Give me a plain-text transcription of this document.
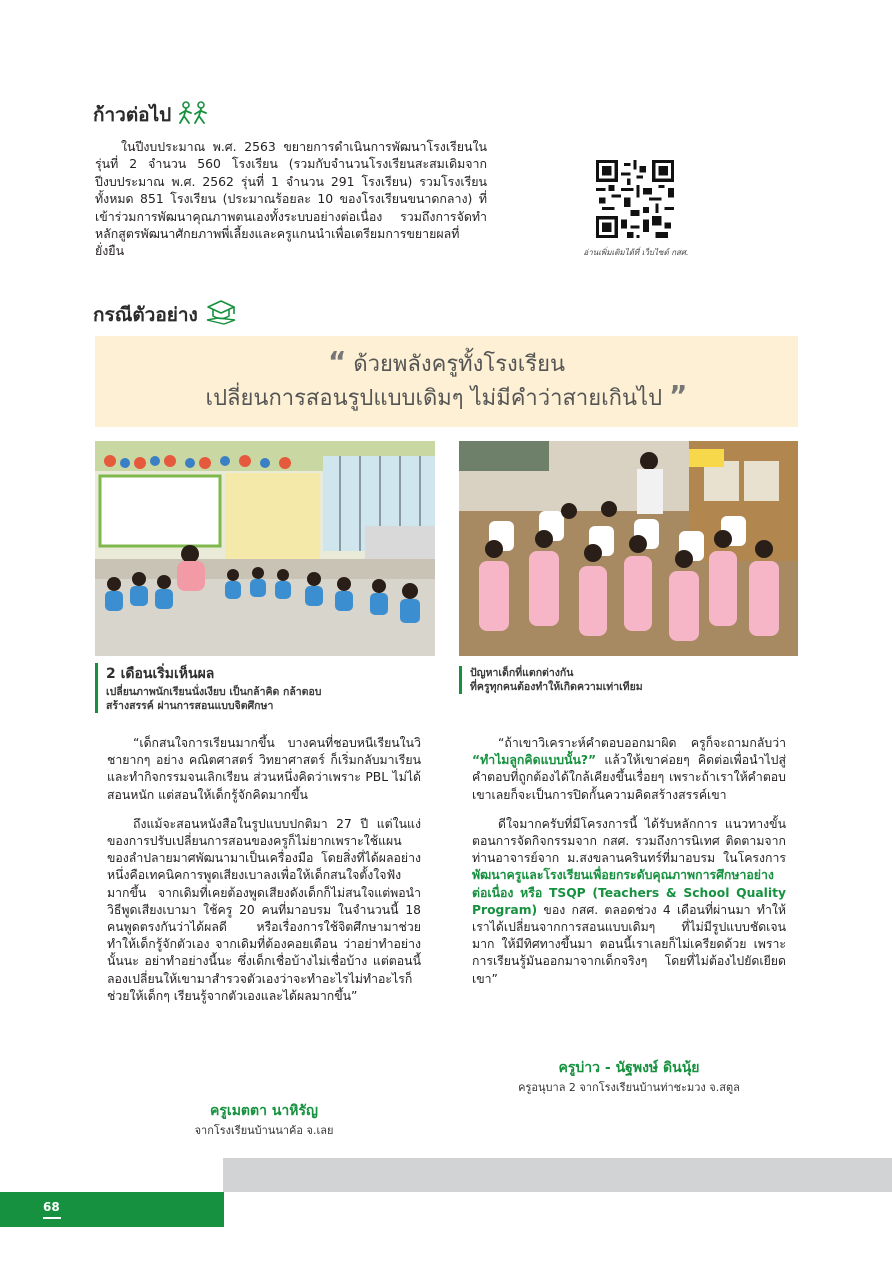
ก้าวต่อไป

ในปีงบประมาณ พ.ศ. 2563 ขยายการดำเนินการพัฒนาโรงเรียนในรุ่นที่ 2 จำนวน 560 โรงเรียน (รวมกับจำนวนโรงเรียนสะสมเดิมจากปีงบประมาณ พ.ศ. 2562 รุ่นที่ 1 จำนวน 291 โรงเรียน) รวมโรงเรียนทั้งหมด 851 โรงเรียน (ประมาณร้อยละ 10 ของโรงเรียนขนาดกลาง) ที่เข้าร่วมการพัฒนาคุณภาพตนเองทั้งระบบอย่างต่อเนื่อง รวมถึงการจัดทำหลักสูตรพัฒนาศักยภาพพี่เลี้ยงและครูแกนนำเพื่อเตรียมการขยายผลที่ยั่งยืน	อ่านเพิ่มเติมได้ที่ เว็บไซต์ กสศ.
กรณีตัวอย่าง
“ ด้วยพลังครูทั้งโรงเรียน
เปลี่ยนการสอนรูปแบบเดิมๆ ไม่มีคำว่าสายเกินไป ”
2 เดือนเริ่มเห็นผล
เปลี่ยนภาพนักเรียนนั่งเงียบ เป็นกล้าคิด กล้าตอบ
สร้างสรรค์ ผ่านการสอนแบบจิตศึกษา
ปัญหาเด็กที่แตกต่างกัน
ที่ครูทุกคนต้องทำให้เกิดความเท่าเทียม

“เด็กสนใจการเรียนมากขึ้น บางคนที่ชอบหนีเรียนในวิชายากๆ อย่าง คณิตศาสตร์ วิทยาศาสตร์ ก็เริ่มกลับมาเรียนและทำกิจกรรมจนเลิกเรียน ส่วนหนึ่งคิดว่าเพราะ PBL ไม่ได้สอนหนัก แต่สอนให้เด็กรู้จักคิดมากขึ้น

ถึงแม้จะสอนหนังสือในรูปแบบปกติมา 27 ปี แต่ในแง่ของการปรับเปลี่ยนการสอนของครูก็ไม่ยากเพราะใช้แผนของลำปลายมาศพัฒนามาเป็นเครื่องมือ โดยสิ่งที่ได้ผลอย่างหนึ่งคือเทคนิคการพูดเสียงเบาลงเพื่อให้เด็กสนใจตั้งใจฟังมากขึ้น จากเดิมที่เคยต้องพูดเสียงดังเด็กก็ไม่สนใจแต่พอนำวิธีพูดเสียงเบามา ใช้ครู 20 คนที่มาอบรม ในจำนวนนี้ 18 คนพูดตรงกันว่าได้ผลดี หรือเรื่องการใช้จิตศึกษามาช่วยทำให้เด็กรู้จักตัวเอง จากเดิมที่ต้องคอยเตือน ว่าอย่าทำอย่างนั้นนะ อย่าทำอย่างนี้นะ ซึ่งเด็กเชื่อบ้างไม่เชื่อบ้าง แต่ตอนนี้ ลองเปลี่ยนให้เขามาสำรวจตัวเองว่าจะทำอะไรไม่ทำอะไรก็ช่วยให้เด็กๆ เรียนรู้จากตัวเองและได้ผลมากขึ้น”

ครูเมตตา นาหิรัญ
จากโรงเรียนบ้านนาค้อ จ.เลย

“ถ้าเขาวิเคราะห์คำตอบออกมาผิด ครูก็จะถามกลับว่า “ทำไมลูกคิดแบบนั้น?” แล้วให้เขาค่อยๆ คิดต่อเพื่อนำไปสู่คำตอบที่ถูกต้องได้ใกล้เคียงขึ้นเรื่อยๆ เพราะถ้าเราให้คำตอบเขาเลยก็จะเป็นการปิดกั้นความคิดสร้างสรรค์เขา

ดีใจมากครับที่มีโครงการนี้ ได้รับหลักการ แนวทางขั้นตอนการจัดกิจกรรมจาก กสศ. รวมถึงการนิเทศ ติดตามจากท่านอาจารย์จาก ม.สงขลานครินทร์ที่มาอบรม ในโครงการ พัฒนาครูและโรงเรียนเพื่อยกระดับคุณภาพการศึกษาอย่างต่อเนื่อง หรือ TSQP (Teachers & School Quality Program) ของ กสศ. ตลอดช่วง 4 เดือนที่ผ่านมา ทำให้เราได้เปลี่ยนจากการสอนแบบเดิมๆ ที่ไม่มีรูปแบบชัดเจนมาก ให้มีทิศทางขึ้นมา ตอนนี้เราเลยก็ไม่เครียดด้วย เพราะการเรียนรู้มันออกมาจากเด็กจริงๆ โดยที่ไม่ต้องไปยัดเยียดเขา”

ครูบ่าว - นัฐพงษ์ ดินนุ้ย
ครูอนุบาล 2 จากโรงเรียนบ้านท่าชะมวง จ.สตูล
68
